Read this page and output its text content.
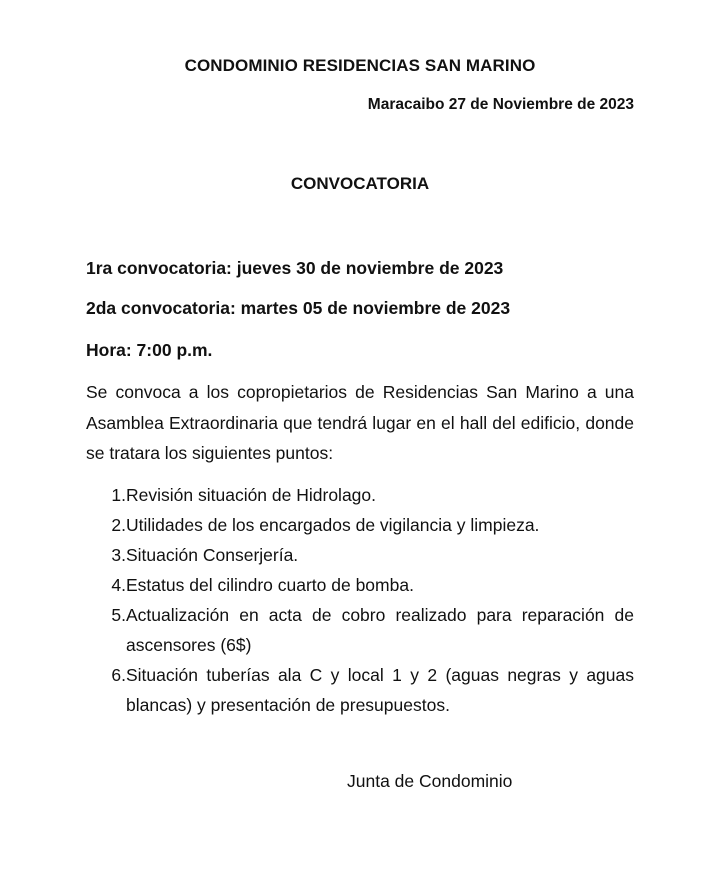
CONDOMINIO RESIDENCIAS SAN MARINO
Maracaibo 27 de Noviembre de 2023
CONVOCATORIA
1ra convocatoria: jueves 30 de noviembre de 2023
2da convocatoria: martes 05 de noviembre de 2023
Hora: 7:00 p.m.
Se convoca a los copropietarios de Residencias San Marino a una Asamblea Extraordinaria que tendrá lugar en el hall del edificio, donde se tratara los siguientes puntos:
1. Revisión situación de Hidrolago.
2. Utilidades de los encargados de vigilancia y limpieza.
3. Situación Conserjería.
4. Estatus del cilindro cuarto de bomba.
5. Actualización en acta de cobro realizado para reparación de ascensores (6$)
6. Situación tuberías ala C y local 1 y 2 (aguas negras y aguas blancas) y presentación de presupuestos.
Junta de Condominio
